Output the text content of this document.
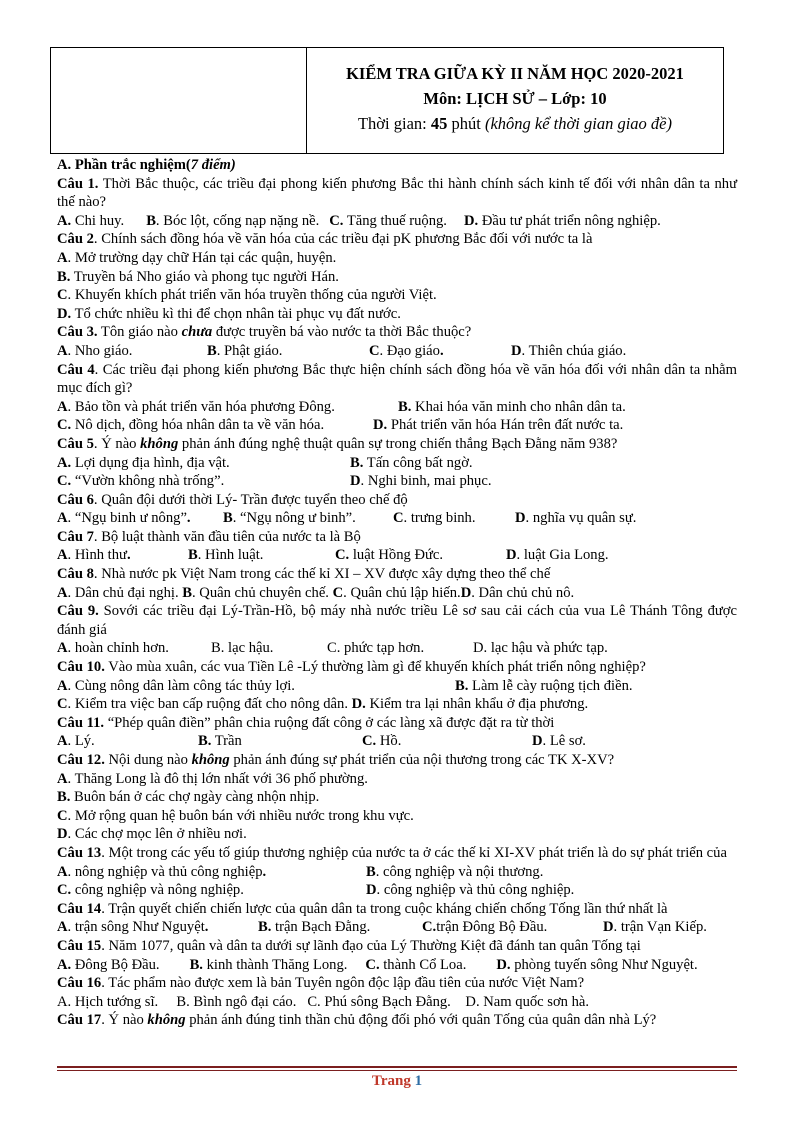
KIỂM TRA GIỮA KỲ II NĂM HỌC 2020-2021
Môn: LỊCH SỬ – Lớp: 10
Thời gian: 45 phút (không kể thời gian giao đề)

A. Phần trắc nghiệm(7 điểm)

Câu 1. Thời Bắc thuộc, các triều đại phong kiến phương Bắc thi hành chính sách kinh tế đối với nhân dân ta như thế nào?

A. Chi huy. B. Bóc lột, cống nạp nặng nề. C. Tăng thuế ruộng. D. Đầu tư phát triển nông nghiệp.

Câu 2. Chính sách đồng hóa về văn hóa của các triều đại pK phương Bắc đối với nước ta là

A. Mở trường dạy chữ Hán tại các quận, huyện.

B. Truyền bá Nho giáo và phong tục người Hán.

C. Khuyến khích phát triển văn hóa truyền thống của người Việt.

D. Tổ chức nhiều kì thi để chọn nhân tài phục vụ đất nước.

Câu 3. Tôn giáo nào chưa được truyền bá vào nước ta thời Bắc thuộc?

A. Nho giáo.	B. Phật giáo.	C. Đạo giáo.	D. Thiên chúa giáo.

Câu 4. Các triều đại phong kiến phương Bắc thực hiện chính sách đồng hóa về văn hóa đối với nhân dân ta nhằm mục đích gì?

A. Bảo tồn và phát triển văn hóa phương Đông.	B. Khai hóa văn minh cho nhân dân ta.

C. Nô dịch, đồng hóa nhân dân ta về văn hóa.	D. Phát triển văn hóa Hán trên đất nước ta.

Câu 5. Ý nào không phản ánh đúng nghệ thuật quân sự trong chiến thắng Bạch Đằng năm 938?

A. Lợi dụng địa hình, địa vật.	B. Tấn công bất ngờ.

C. “Vườn không nhà trống”.	D. Nghi binh, mai phục.

Câu 6. Quân đội dưới thời Lý- Trần được tuyển theo chế độ

A. “Ngụ binh ư nông”.	B. “Ngụ nông ư binh”.	C. trưng binh.	D. nghĩa vụ quân sự.

Câu 7. Bộ luật thành văn đầu tiên của nước ta là Bộ

A. Hình thư.	B. Hình luật.	C. luật Hồng Đức.	D. luật Gia Long.

Câu 8. Nhà nước pk Việt Nam trong các thế kỉ XI – XV được xây dựng theo thể chế

A. Dân chủ đại nghị. B. Quân chủ chuyên chế. C. Quân chủ lập hiến.D. Dân chủ chủ nô.

Câu 9. Sovới các triều đại Lý-Trần-Hồ, bộ máy nhà nước triều Lê sơ sau cải cách của vua Lê Thánh Tông được đánh giá

A. hoàn chỉnh hơn.	B. lạc hậu.	C. phức tạp hơn.	D. lạc hậu và phức tạp.

Câu 10. Vào mùa xuân, các vua Tiền Lê -Lý thường làm gì để khuyến khích phát triển nông nghiệp?

A. Cùng nông dân làm công tác thủy lợi.	B. Làm lễ cày ruộng tịch điền.

C. Kiểm tra việc ban cấp ruộng đất cho nông dân. D. Kiểm tra lại nhân khẩu ở địa phương.

Câu 11. “Phép quân điền” phân chia ruộng đất công ở các làng xã được đặt ra từ thời

A. Lý.	B. Trần	C. Hồ.	D. Lê sơ.

Câu 12. Nội dung nào không phản ánh đúng sự phát triển của nội thương trong các TK X-XV?

A. Thăng Long là đô thị lớn nhất với 36 phố phường.

B. Buôn bán ở các chợ ngày càng nhộn nhịp.

C. Mở rộng quan hệ buôn bán với nhiều nước trong khu vực.

D. Các chợ mọc lên ở nhiều nơi.

Câu 13. Một trong các yếu tố giúp thương nghiệp của nước ta ở các thế kỉ XI-XV phát triển là do sự phát triển của

A. nông nghiệp và thủ công nghiệp.	B. công nghiệp và nội thương.

C. công nghiệp và nông nghiệp.	D. công nghiệp và thủ công nghiệp.

Câu 14. Trận quyết chiến chiến lược của quân dân ta trong cuộc kháng chiến chống Tống lần thứ nhất là

A. trận sông Như Nguyệt.	B. trận Bạch Đằng.	C.trận Đông Bộ Đầu.	D. trận Vạn Kiếp.

Câu 15. Năm 1077, quân và dân ta dưới sự lãnh đạo của Lý Thường Kiệt đã đánh tan quân Tống tại

A. Đông Bộ Đầu. B. kinh thành Thăng Long. C. thành Cổ Loa. D. phòng tuyến sông Như Nguyệt.

Câu 16. Tác phẩm nào được xem là bản Tuyên ngôn độc lập đầu tiên của nước Việt Nam?

A. Hịch tướng sĩ.     B. Bình ngô đại cáo.   C. Phú sông Bạch Đằng.    D. Nam quốc sơn hà.

Câu 17. Ý nào không phản ánh đúng tinh thần chủ động đối phó với quân Tống của quân dân nhà Lý?

Trang 1
